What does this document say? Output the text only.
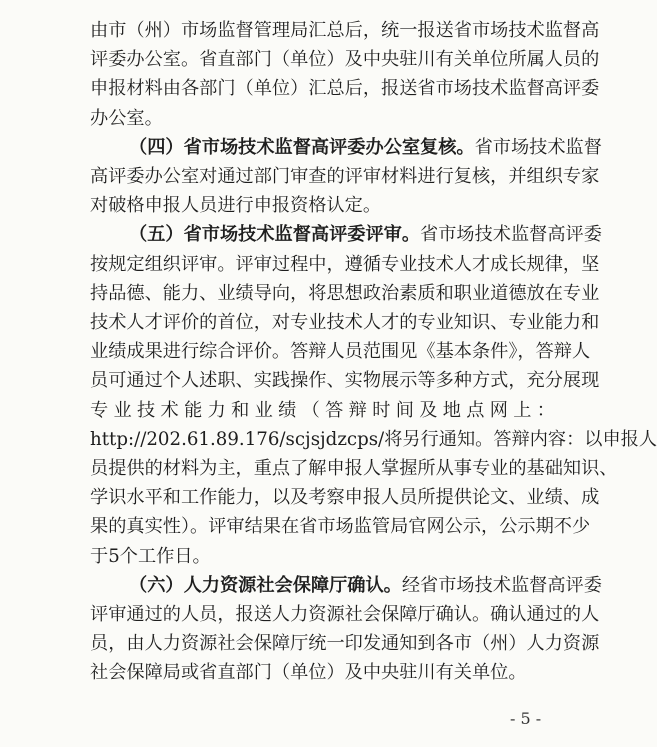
由市（州）市场监督管理局汇总后，统一报送省市场技术监督高
评委办公室。省直部门（单位）及中央驻川有关单位所属人员的
申报材料由各部门（单位）汇总后，报送省市场技术监督高评委
办公室。
（四）省市场技术监督高评委办公室复核。省市场技术监督
高评委办公室对通过部门审查的评审材料进行复核，并组织专家
对破格申报人员进行申报资格认定。
（五）省市场技术监督高评委评审。省市场技术监督高评委
按规定组织评审。评审过程中，遵循专业技术人才成长规律，坚
持品德、能力、业绩导向，将思想政治素质和职业道德放在专业
技术人才评价的首位，对专业技术人才的专业知识、专业能力和
业绩成果进行综合评价。答辩人员范围见《基本条件》，答辩人
员可通过个人述职、实践操作、实物展示等多种方式，充分展现
专业技术能力和业绩（答辩时间及地点网上：
http://202.61.89.176/scjsjdzcps/将另行通知。答辩内容：以申报人
员提供的材料为主，重点了解申报人掌握所从事专业的基础知识、
学识水平和工作能力，以及考察申报人员所提供论文、业绩、成
果的真实性）。评审结果在省市场监管局官网公示，公示期不少
于5个工作日。
（六）人力资源社会保障厅确认。经省市场技术监督高评委
评审通过的人员，报送人力资源社会保障厅确认。确认通过的人
员，由人力资源社会保障厅统一印发通知到各市（州）人力资源
社会保障局或省直部门（单位）及中央驻川有关单位。
- 5 -
